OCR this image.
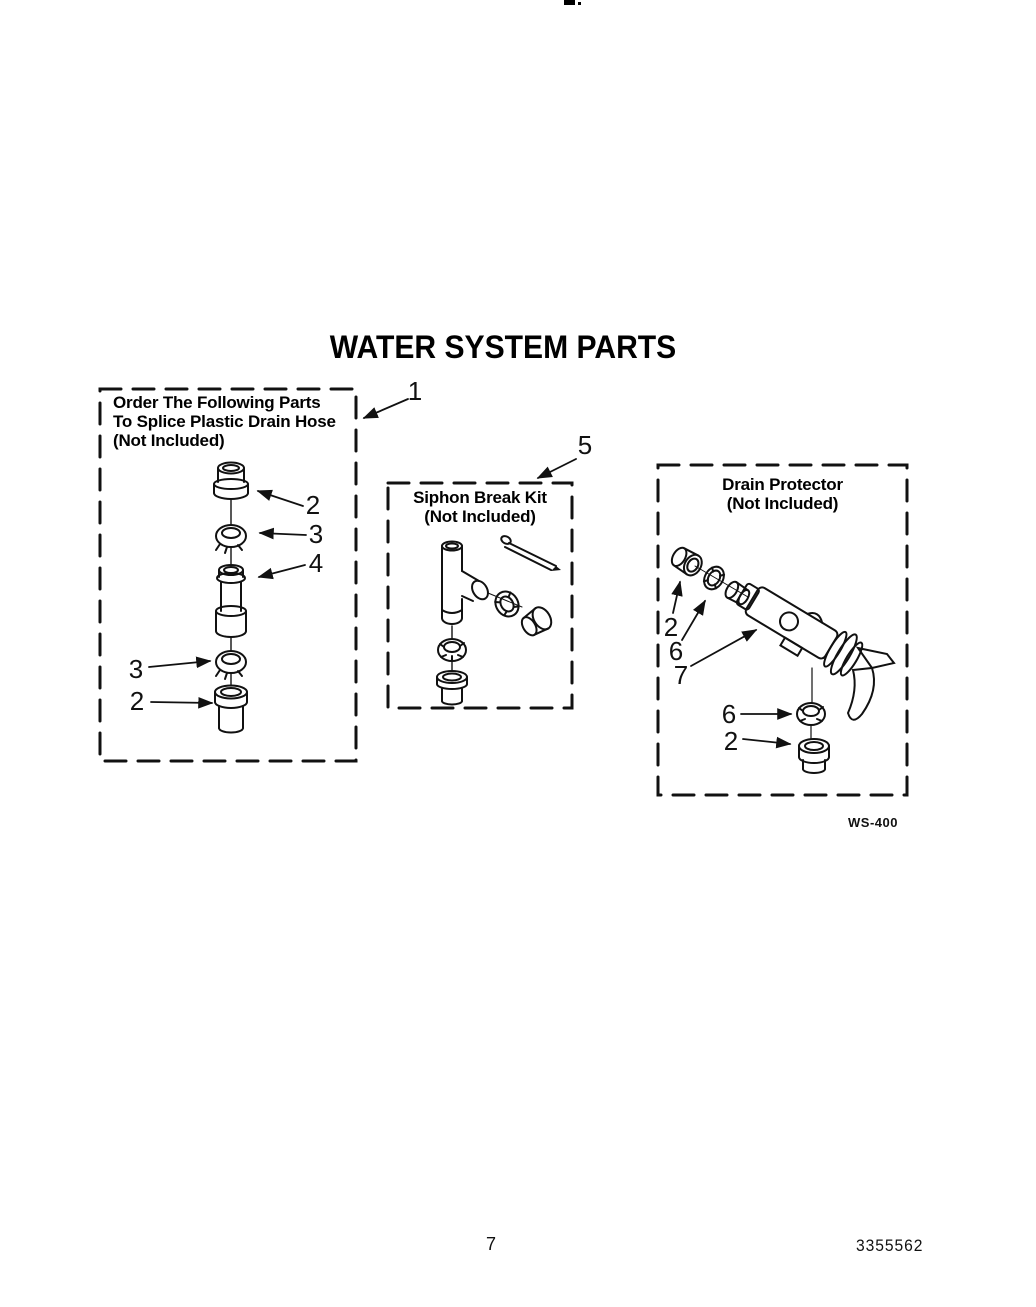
WATER SYSTEM PARTS
Order The Following Parts
To Splice Plastic Drain Hose
(Not Included)
Siphon Break Kit
(Not Included)
Drain Protector
(Not Included)
1
5
2
3
4
3
2
2
6
7
6
2
WS-400
7	3355562
